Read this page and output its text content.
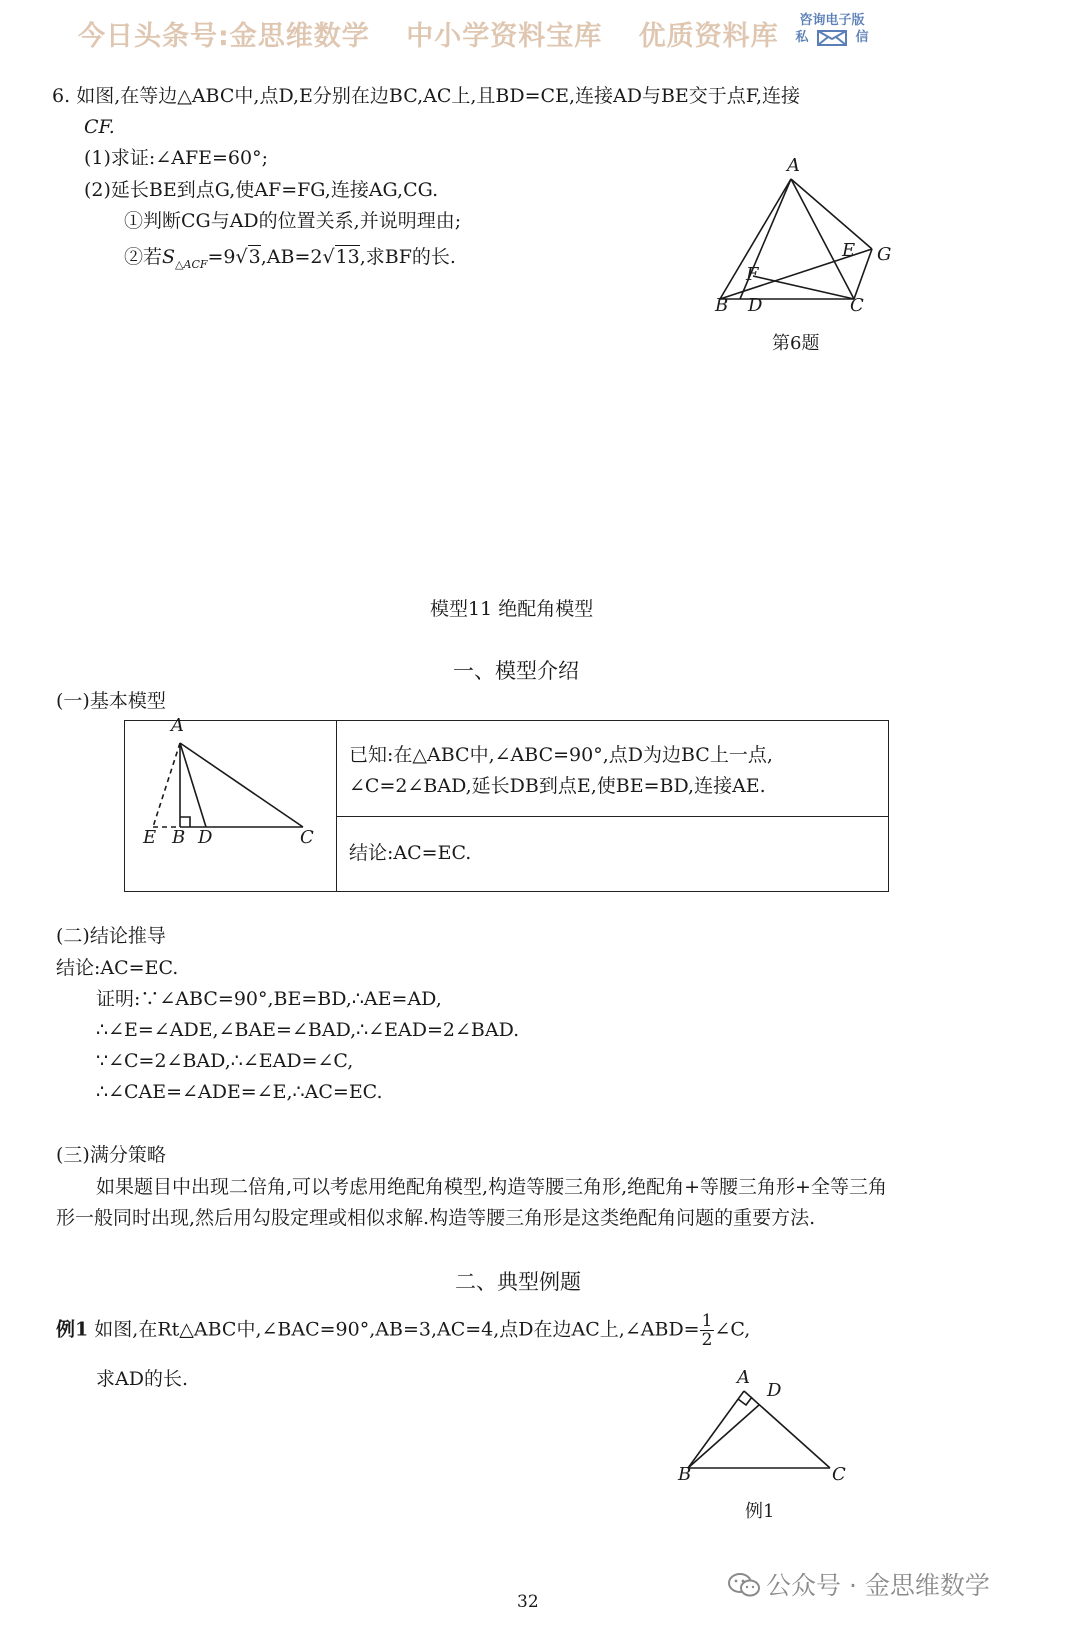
今日头条号:金思维数学 中小学资料宝库 优质资料库
咨询电子版
私	信
6. 如图,在等边△ABC中,点D,E分别在边BC,AC上,且BD=CE,连接AD与BE交于点F,连接
CF.
(1)求证:∠AFE=60°;
(2)延长BE到点G,使AF=FG,连接AG,CG.
①判断CG与AD的位置关系,并说明理由;
②若$S_{\triangle ACF}=9√3,AB=2√13$,求BF的长.
A
E G
F
B D	C
第6题
模型11 绝配角模型
一、模型介绍
(一)基本模型
A
E B D	C
已知:在△ABC中,∠ABC=90°,点D为边BC上一点,
∠C=2∠BAD,延长DB到点E,使BE=BD,连接AE.
结论:AC=EC.
(二)结论推导
结论:AC=EC.
证明:∵∠ABC=90°,BE=BD,∴AE=AD,
∴∠E=∠ADE,∠BAE=∠BAD,∴∠EAD=2∠BAD.
∵∠C=2∠BAD,∴∠EAD=∠C,
∴∠CAE=∠ADE=∠E,∴AC=EC.
(三)满分策略
如果题目中出现二倍角,可以考虑用绝配角模型,构造等腰三角形,绝配角+等腰三角形+全等三角
形一般同时出现,然后用勾股定理或相似求解.构造等腰三角形是这类绝配角问题的重要方法.
二、典型例题
例1 如图,在Rt△ABC中,∠BAC=90°,AB=3,AC=4,点D在边AC上,∠ABD= $\frac{1}{2}$ ∠C,
求AD的长.	A
D
B	C
例1
公众号 · 金思维数学
32
